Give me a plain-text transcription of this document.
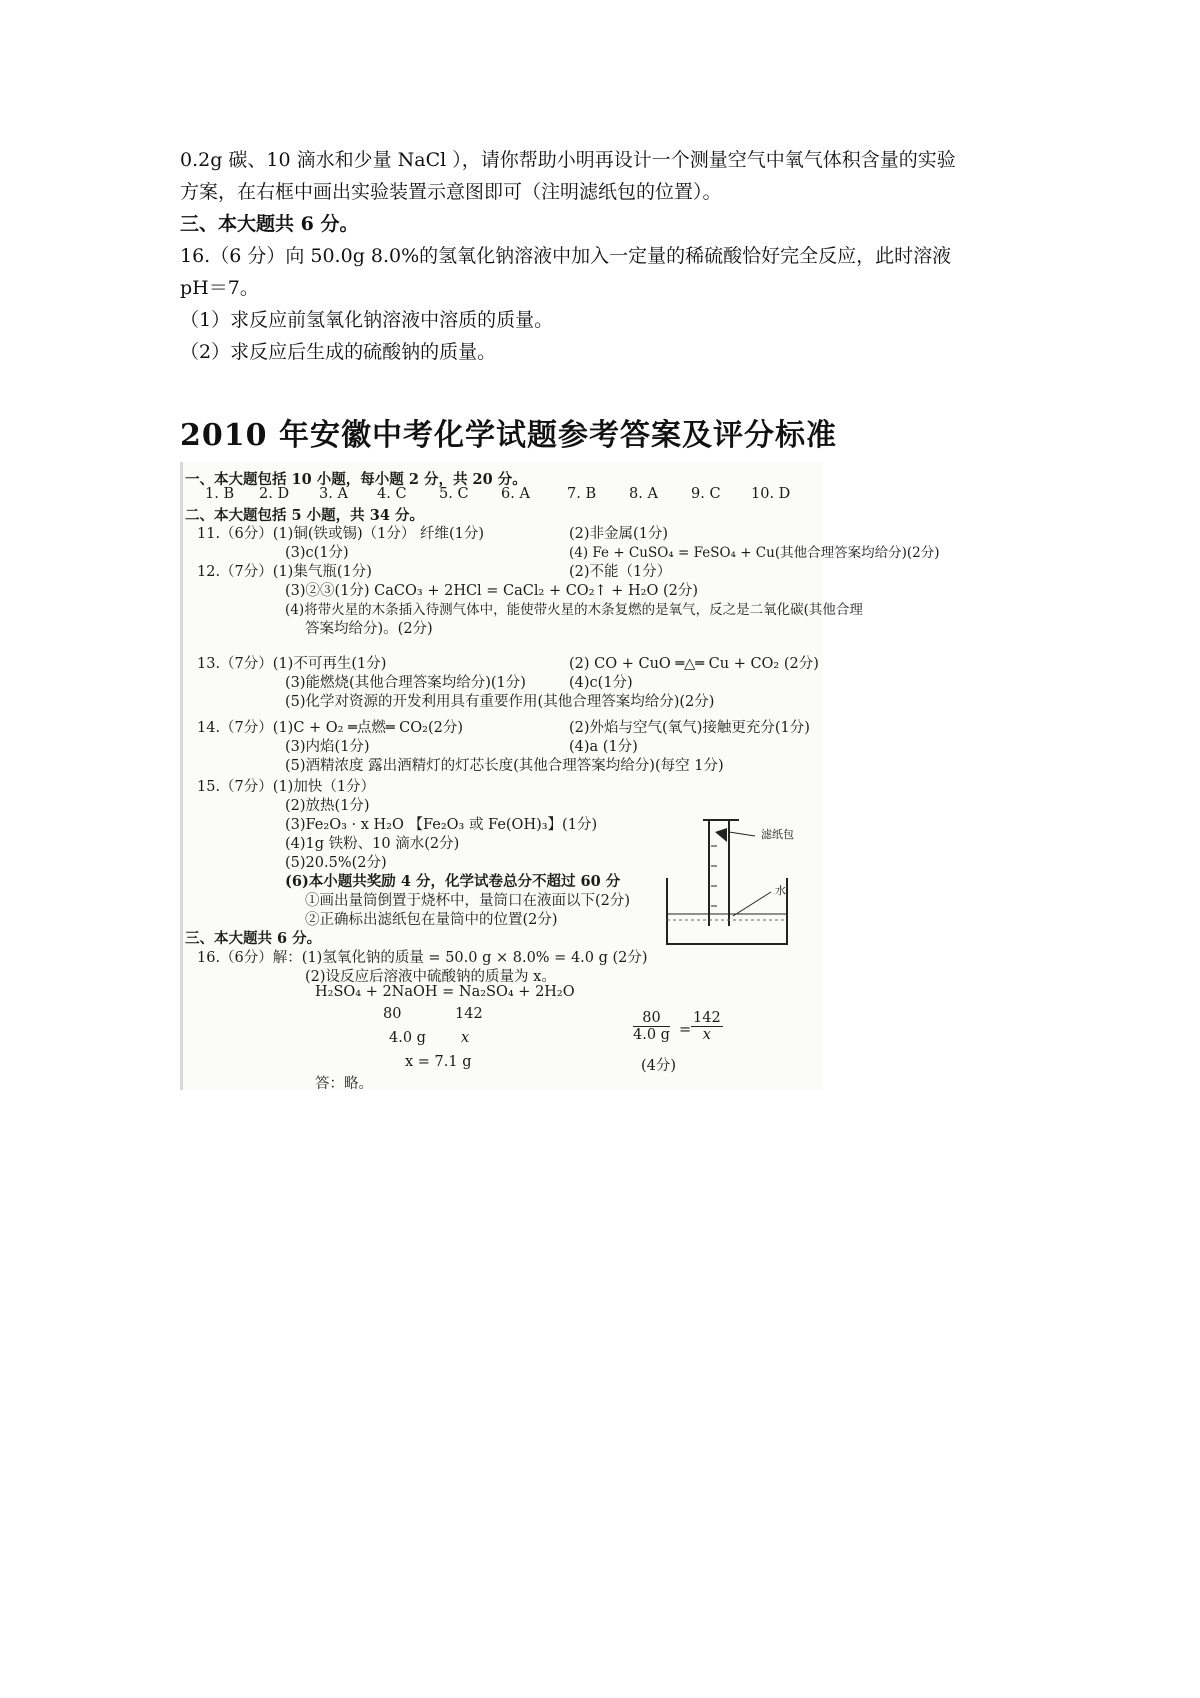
0.2g 碳、10 滴水和少量 NaCl ），请你帮助小明再设计一个测量空气中氧气体积含量的实验

方案，在右框中画出实验装置示意图即可（注明滤纸包的位置）。

三、本大题共 6 分。

16.（6 分）向 50.0g 8.0%的氢氧化钠溶液中加入一定量的稀硫酸恰好完全反应，此时溶液

pH＝7。

（1）求反应前氢氧化钠溶液中溶质的质量。

（2）求反应后生成的硫酸钠的质量。

2010 年安徽中考化学试题参考答案及评分标准
一、本大题包括 10 小题，每小题 2 分，共 20 分。
1. B 2. D 3. A 4. C 5. C 6. A	7. B 8. A 9. C 10. D
二、本大题包括 5 小题，共 34 分。
11.（6分）(1)铜(铁或锡)（1分） 纤维(1分)	(2)非金属(1分)
(3)c(1分)	(4) Fe + CuSO₄ = FeSO₄ + Cu(其他合理答案均给分)(2分)
12.（7分）(1)集气瓶(1分)	(2)不能（1分）
(3)②③(1分) CaCO₃ + 2HCl = CaCl₂ + CO₂↑ + H₂O (2分)
(4)将带火星的木条插入待测气体中，能使带火星的木条复燃的是氧气，反之是二氧化碳(其他合理
答案均给分)。(2分)
13.（7分）(1)不可再生(1分)	(2) CO + CuO ═△═ Cu + CO₂ (2分)
(3)能燃烧(其他合理答案均给分)(1分)	(4)c(1分)
(5)化学对资源的开发利用具有重要作用(其他合理答案均给分)(2分)
14.（7分）(1)C + O₂ ═点燃═ CO₂(2分)	(2)外焰与空气(氧气)接触更充分(1分)
(3)内焰(1分)	(4)a (1分)
(5)酒精浓度 露出酒精灯的灯芯长度(其他合理答案均给分)(每空 1分)
15.（7分）(1)加快（1分）
(2)放热(1分)
(3)Fe₂O₃ · x H₂O 【Fe₂O₃ 或 Fe(OH)₃】(1分)
(4)1g 铁粉、10 滴水(2分)
(5)20.5%(2分)
(6)本小题共奖励 4 分，化学试卷总分不超过 60 分
①画出量筒倒置于烧杯中，量筒口在液面以下(2分)
②正确标出滤纸包在量筒中的位置(2分)
滤纸包
水
三、本大题共 6 分。
16.（6分）解：(1)氢氧化钠的质量 = 50.0 g × 8.0% = 4.0 g (2分)
(2)设反应后溶液中硫酸钠的质量为 x。
H₂SO₄ + 2NaOH = Na₂SO₄ + 2H₂O
80	142
4.0 g x	$\frac{80}{4.0 g} = \frac{142}{x}$
x = 7.1 g	(4分)
答：略。
